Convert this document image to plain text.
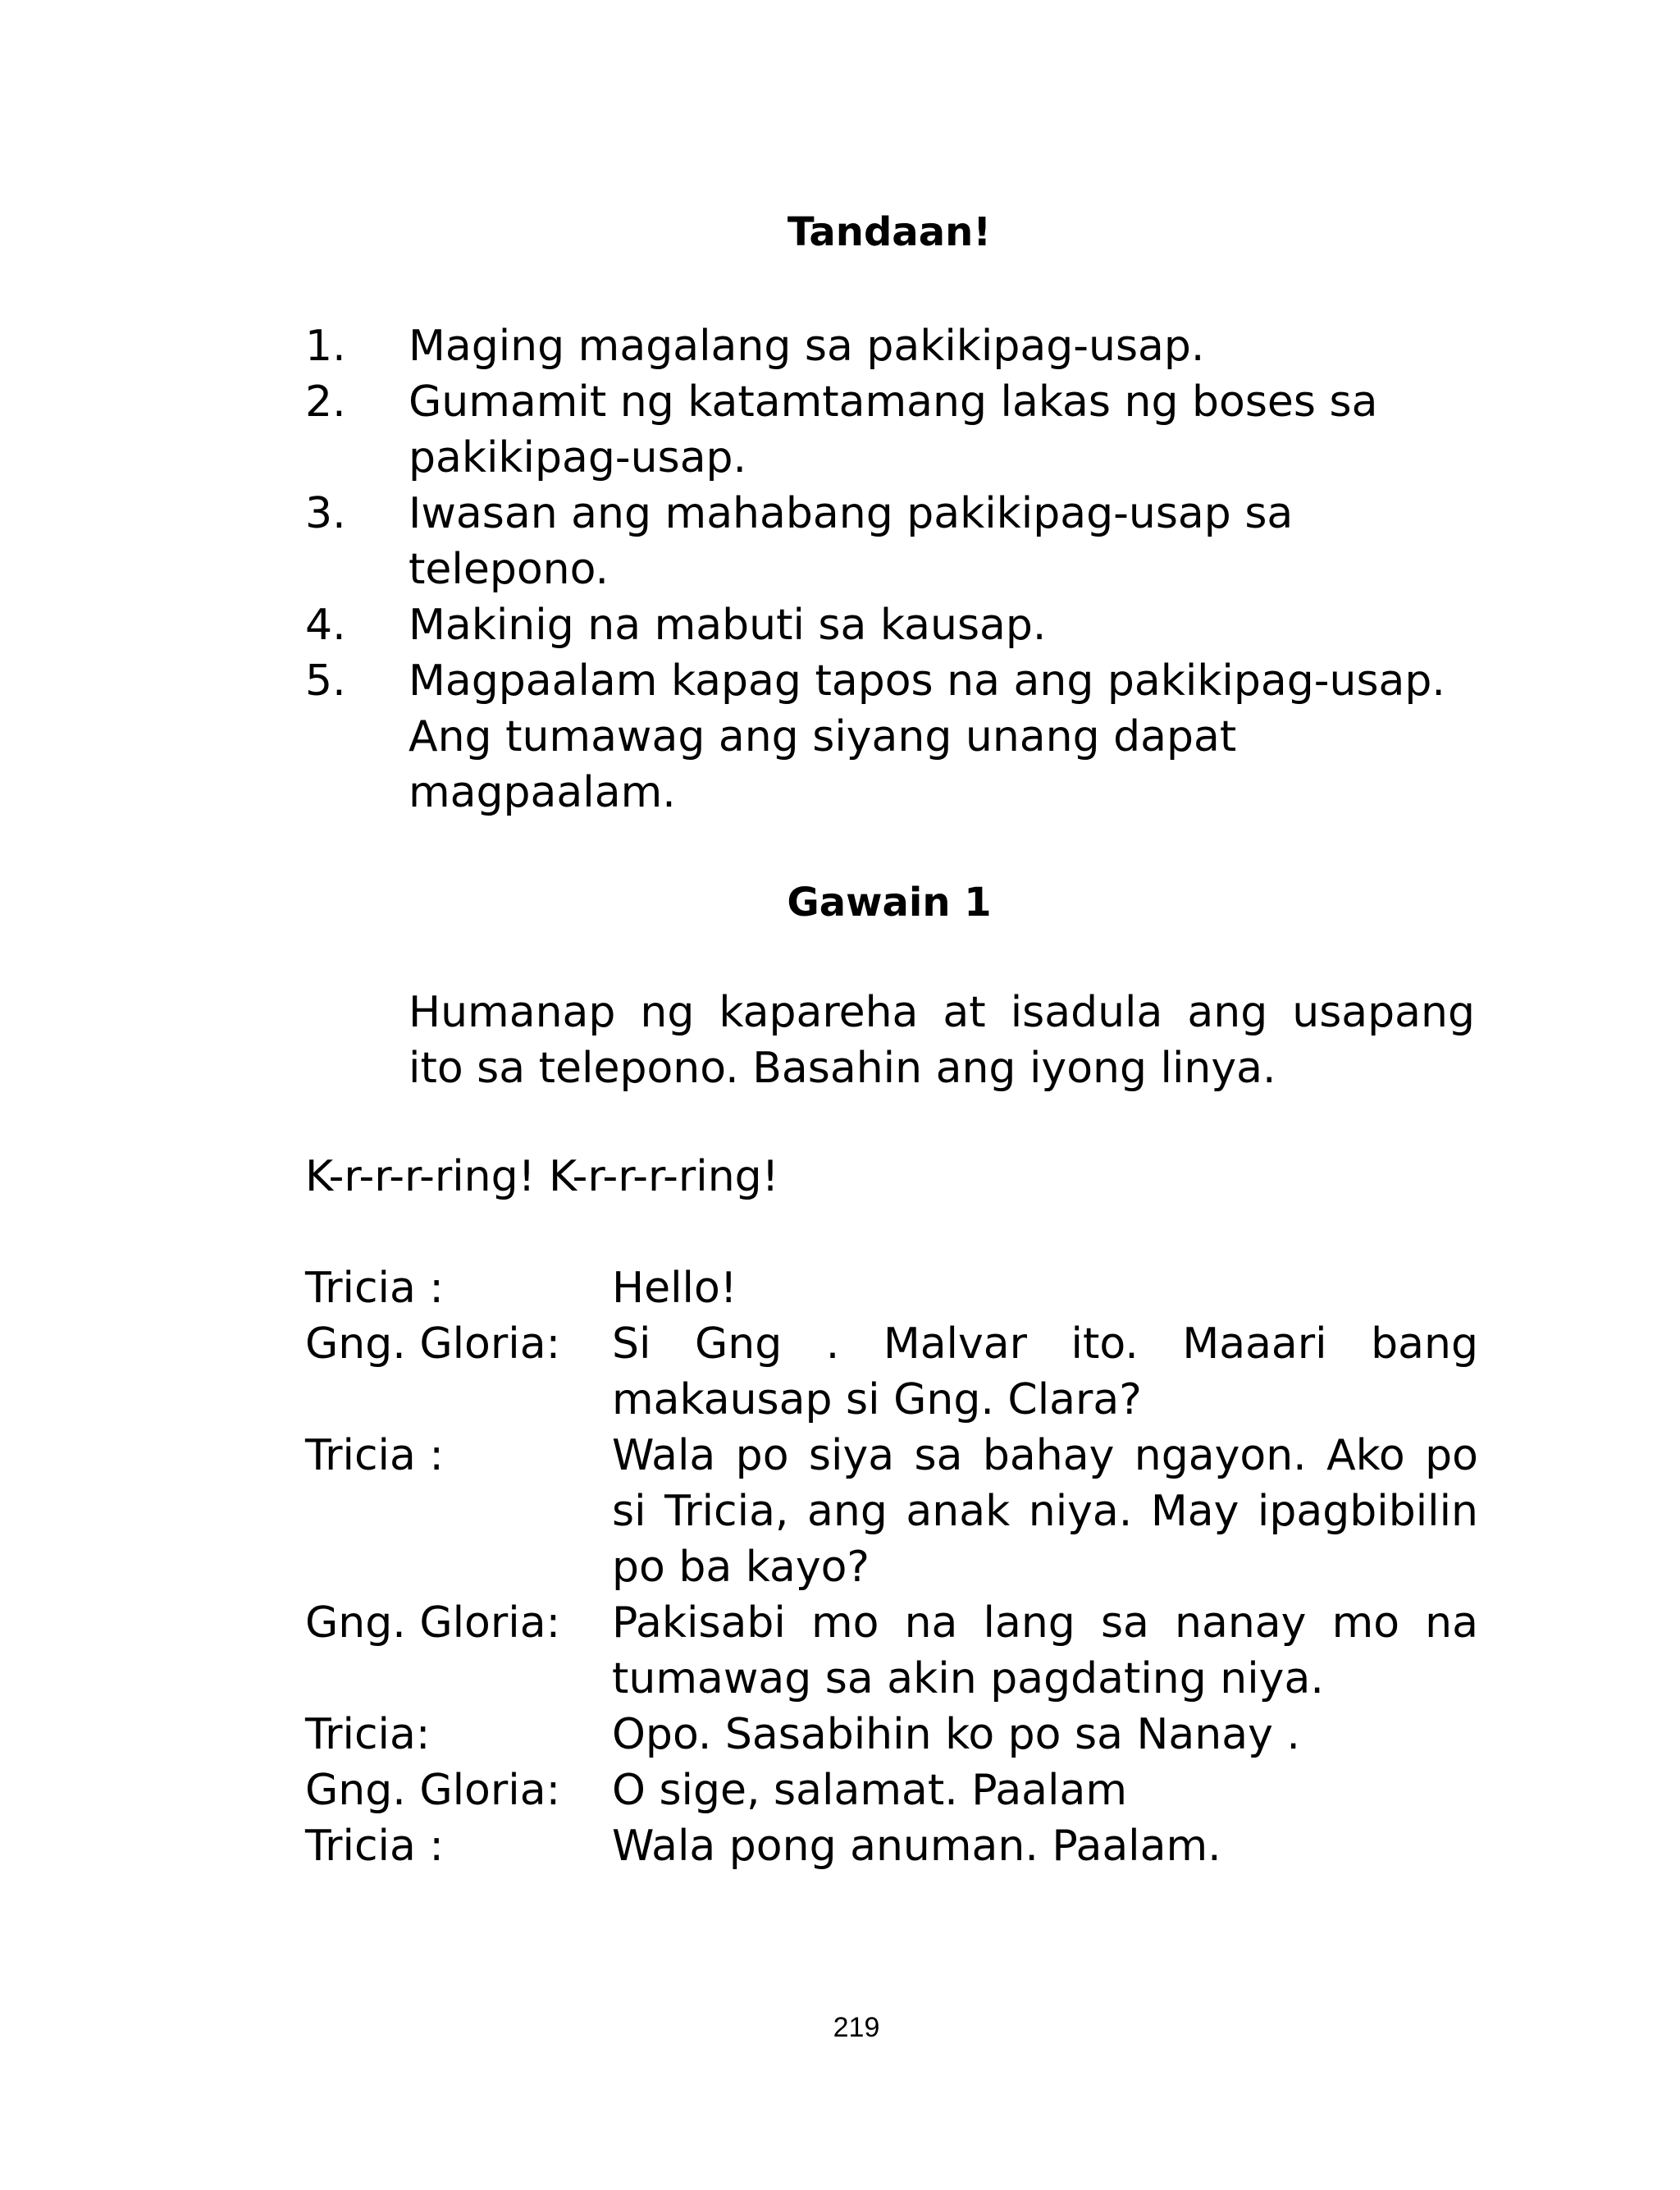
Tandaan!
1.	Maging magalang sa pakikipag-usap.
2.	Gumamit ng katamtamang lakas ng boses sa pakikipag-usap.
3.	Iwasan ang mahabang pakikipag-usap sa telepono.
4.	Makinig na mabuti sa kausap.
5.	Magpaalam kapag tapos na ang pakikipag-usap. Ang tumawag ang siyang unang dapat magpaalam.
Gawain 1
Humanap ng kapareha at isadula ang usapang ito sa telepono. Basahin ang iyong linya.
K-r-r-r-ring! K-r-r-r-ring!
Tricia :	Hello!
Gng. Gloria:	Si Gng . Malvar ito. Maaari bang makausap si Gng. Clara?
Tricia :	Wala po siya sa bahay ngayon. Ako po si Tricia, ang anak niya. May ipagbibilin po ba kayo?
Gng. Gloria:	Pakisabi mo na lang sa nanay mo na tumawag sa akin pagdating niya.
Tricia:	Opo. Sasabihin ko po sa Nanay .
Gng. Gloria:	O sige, salamat. Paalam
Tricia :	Wala pong anuman. Paalam.
219
